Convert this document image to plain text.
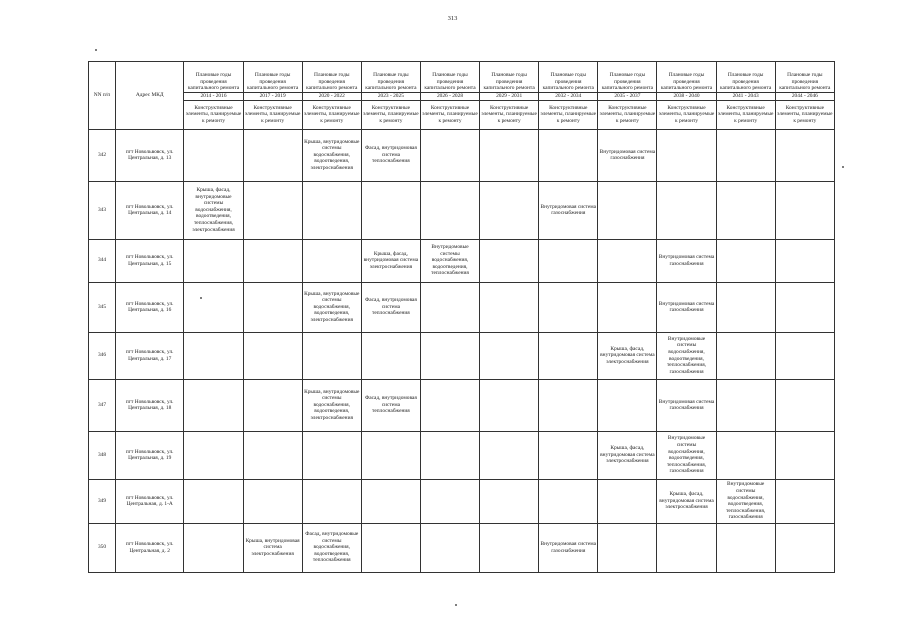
313
NN п/п	Адрес МКД	Плановые годы проведения капитального ремонта	Плановые годы проведения капитального ремонта	Плановые годы проведения капитального ремонта	Плановые годы проведения капитального ремонта	Плановые годы проведения капитального ремонта	Плановые годы проведения капитального ремонта	Плановые годы проведения капитального ремонта	Плановые годы проведения капитального ремонта	Плановые годы проведения капитального ремонта	Плановые годы проведения капитального ремонта	Плановые годы проведения капитального ремонта
		2014 - 2016	2017 - 2019	2020 - 2022	2023 - 2025	2026 - 2028	2029 - 2031	2032 - 2034	2035 - 2037	2038 - 2040	2041 - 2043	2044 - 2046
		Конструктивные элементы, планируемые к ремонту	Конструктивные элементы, планируемые к ремонту	Конструктивные элементы, планируемые к ремонту	Конструктивные элементы, планируемые к ремонту	Конструктивные элементы, планируемые к ремонту	Конструктивные элементы, планируемые к ремонту	Конструктивные элементы, планируемые к ремонту	Конструктивные элементы, планируемые к ремонту	Конструктивные элементы, планируемые к ремонту	Конструктивные элементы, планируемые к ремонту	Конструктивные элементы, планируемые к ремонту
342	пгт Новольвовск, ул. Центральная, д. 13			Крыша, внутридомовые системы водоснабжения, водоотведения, электроснабжения	Фасад, внутридомовая система теплоснабжения				Внутридомовая система газоснабжения			
343	пгт Новольвовск, ул. Центральная, д. 14	Крыша, фасад, внутридомовые системы водоснабжения, водоотведения, теплоснабжения, электроснабжения						Внутридомовая система газоснабжения				
344	пгт Новольвовск, ул. Центральная, д. 15				Крыша, фасад, внутридомовая система электроснабжения	Внутридомовые системы водоснабжения, водоотведения, теплоснабжения				Внутридомовая система газоснабжения		
345	пгт Новольвовск, ул. Центральная, д. 16			Крыша, внутридомовые системы водоснабжения, водоотведения, электроснабжения	Фасад, внутридомовая система теплоснабжения					Внутридомовая система газоснабжения		
346	пгт Новольвовск, ул. Центральная, д. 17								Крыша, фасад, внутридомовая система электроснабжения	Внутридомовые системы водоснабжения, водоотведения, теплоснабжения, газоснабжения		
347	пгт Новольвовск, ул. Центральная, д. 18			Крыша, внутридомовые системы водоснабжения, водоотведения, электроснабжения	Фасад, внутридомовая система теплоснабжения					Внутридомовая система газоснабжения		
348	пгт Новольвовск, ул. Центральная, д. 19								Крыша, фасад, внутридомовая система электроснабжения	Внутридомовые системы водоснабжения, водоотведения, теплоснабжения, газоснабжения		
349	пгт Новольвовск, ул. Центральная, д. 1-А									Крыша, фасад, внутридомовая система электроснабжения	Внутридомовые системы водоснабжения, водоотведения, теплоснабжения, газоснабжения	
350	пгт Новольвовск, ул. Центральная, д. 2		Крыша, внутридомовая система электроснабжения	Фасад, внутридомовые системы водоснабжения, водоотведения, теплоснабжения				Внутридомовая система газоснабжения				
